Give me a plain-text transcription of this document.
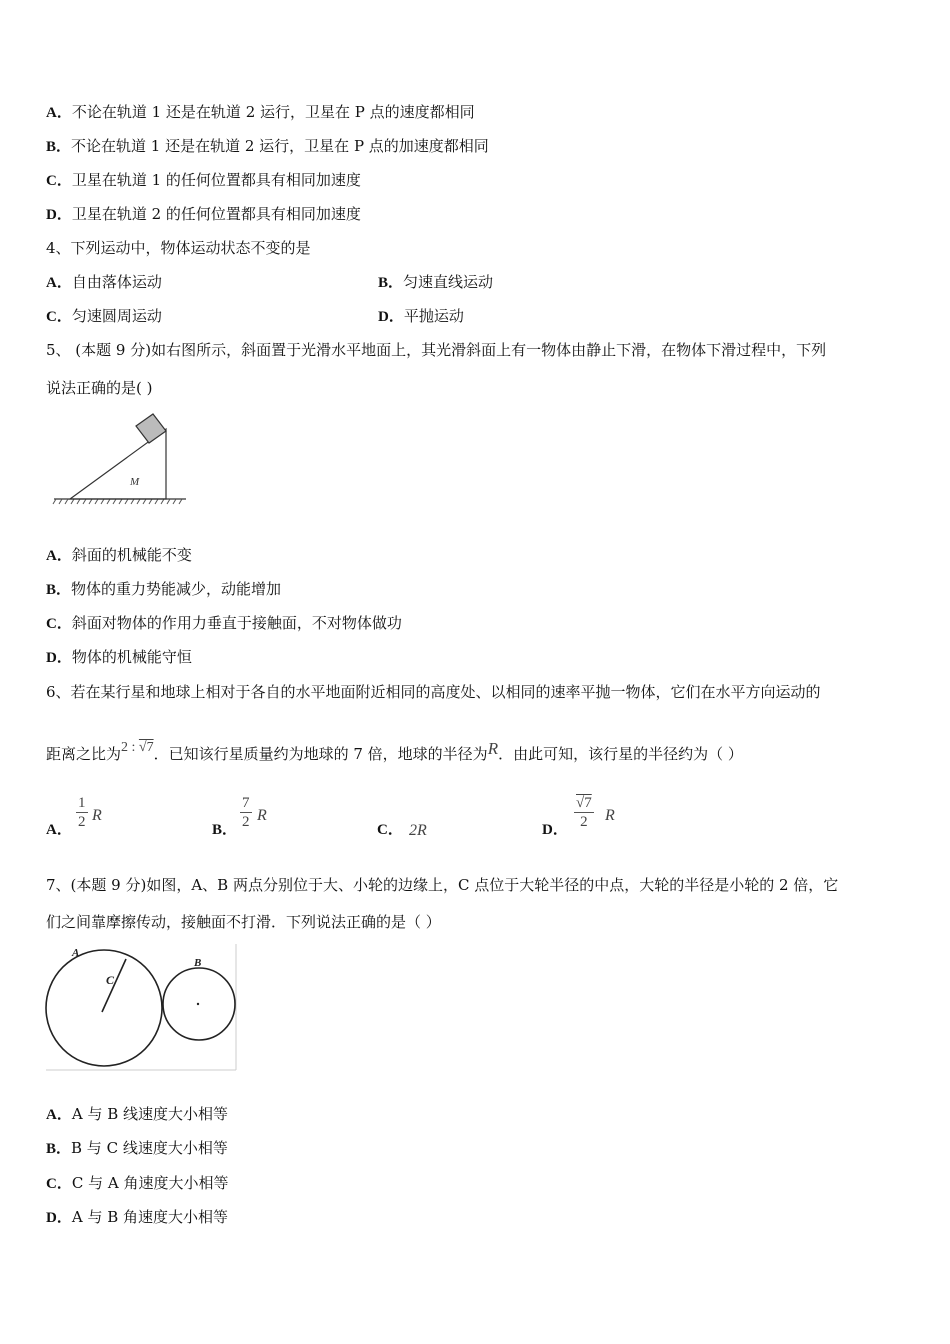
A．不论在轨道 1 还是在轨道 2 运行，卫星在 P 点的速度都相同
B．不论在轨道 1 还是在轨道 2 运行，卫星在 P 点的加速度都相同
C．卫星在轨道 1 的任何位置都具有相同加速度
D．卫星在轨道 2 的任何位置都具有相同加速度
4、下列运动中，物体运动状态不变的是
A．自由落体运动	B．匀速直线运动
C．匀速圆周运动	D．平抛运动
5、 (本题 9 分)如右图所示，斜面置于光滑水平地面上，其光滑斜面上有一物体由静止下滑，在物体下滑过程中，下列
说法正确的是( )
M
A．斜面的机械能不变
B．物体的重力势能减少，动能增加
C．斜面对物体的作用力垂直于接触面，不对物体做功
D．物体的机械能守恒
6、若在某行星和地球上相对于各自的水平地面附近相同的高度处、以相同的速率平抛一物体，它们在水平方向运动的
距离之比为2 : √7．已知该行星质量约为地球的 7 倍，地球的半径为R．由此可知，该行星的半径约为（ ）
A．
1
2 R
B．
7
2 R
C． 2R	D．
√7
2	R
7、(本题 9 分)如图，A、B 两点分别位于大、小轮的边缘上，C 点位于大轮半径的中点，大轮的半径是小轮的 2 倍，它
们之间靠摩擦传动，接触面不打滑．下列说法正确的是（ ）
A
C
B
A．A 与 B 线速度大小相等
B．B 与 C 线速度大小相等
C．C 与 A 角速度大小相等
D．A 与 B 角速度大小相等
